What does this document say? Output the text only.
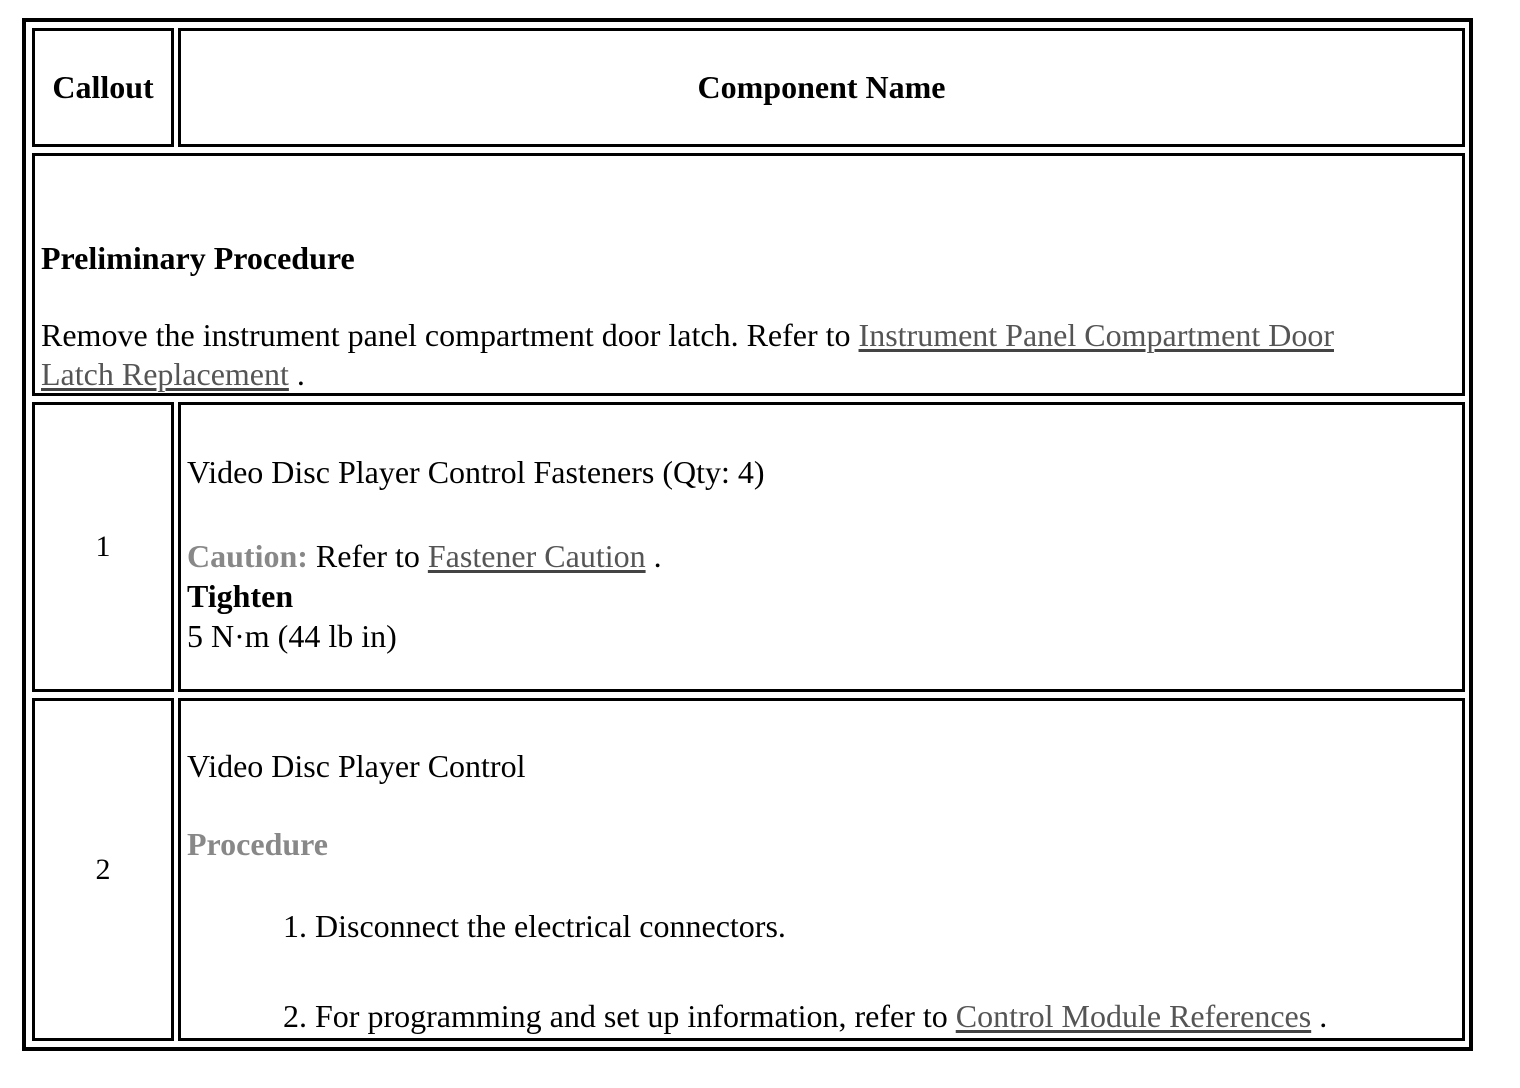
Callout	Component Name
Preliminary Procedure
Remove the instrument panel compartment door latch. Refer to Instrument Panel Compartment Door
Latch Replacement .
1
Video Disc Player Control Fasteners (Qty: 4)
Caution: Refer to Fastener Caution .
Tighten
5 N·m (44 lb in)
2
Video Disc Player Control
Procedure
1. Disconnect the electrical connectors.
2. For programming and set up information, refer to Control Module References .
